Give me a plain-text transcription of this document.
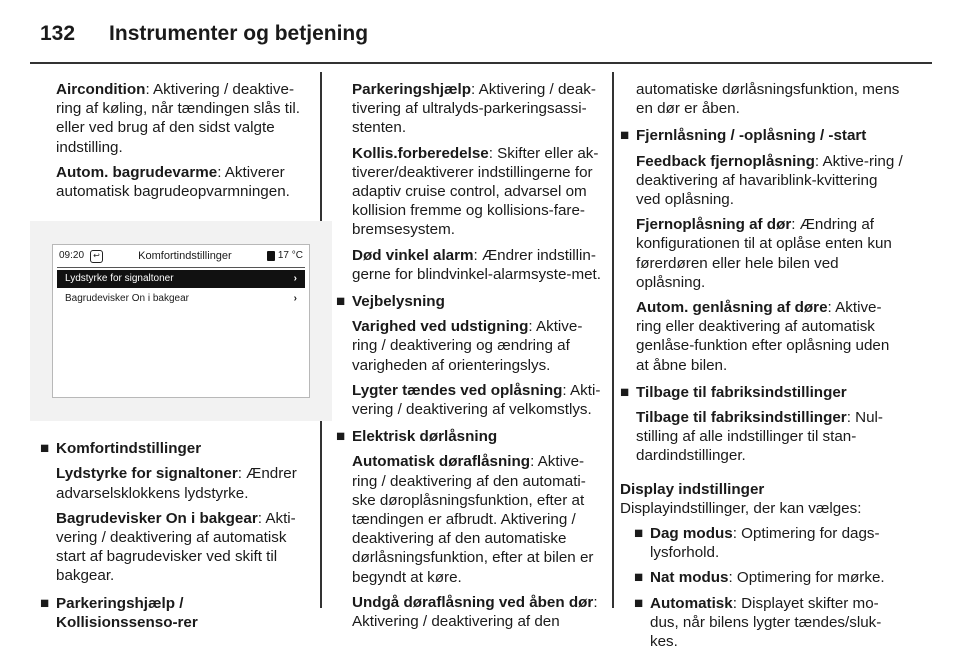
132 Instrumenter og betjening

Aircondition: Aktivering / deaktive-ring af køling, når tændingen slås til. eller ved brug af den sidst valgte indstilling.

Autom. bagrudevarme: Aktiverer automatisk bagrudeopvarmningen.

09:20	↩	Komfortindstillinger	17 °C
Lydstyrke for signaltoner	›
Bagrudevisker On i bakgear	›
■ Komfortindstillinger

Lydstyrke for signaltoner: Ændrer advarselsklokkens lydstyrke.

Bagrudevisker On i bakgear: Akti-vering / deaktivering af automatisk start af bagrudevisker ved skift til bakgear.

■ Parkeringshjælp / Kollisionssenso-rer

Parkeringshjælp: Aktivering / deak-tivering af ultralyds-parkeringsassi-stenten.

Kollis.forberedelse: Skifter eller ak-tiverer/deaktiverer indstillingerne for adaptiv cruise control, advarsel om kollision fremme og kollisions-fare-bremsesystem.

Død vinkel alarm: Ændrer indstillin-gerne for blindvinkel-alarmsyste-met.

■ Vejbelysning

Varighed ved udstigning: Aktive-ring / deaktivering og ændring af varigheden af orienteringslys.

Lygter tændes ved oplåsning: Akti-vering / deaktivering af velkomstlys.

■ Elektrisk dørlåsning

Automatisk døraflåsning: Aktive-ring / deaktivering af den automati-ske døroplåsningsfunktion, efter at tændingen er afbrudt. Aktivering / deaktivering af den automatiske dørlåsningsfunktion, efter at bilen er begyndt at køre.

Undgå døraflåsning ved åben dør: Aktivering / deaktivering af den

automatiske dørlåsningsfunktion, mens en dør er åben.

■ Fjernlåsning / -oplåsning / -start

Feedback fjernoplåsning: Aktive-ring / deaktivering af havariblink-kvittering ved oplåsning.

Fjernoplåsning af dør: Ændring af konfigurationen til at oplåse enten kun førerdøren eller hele bilen ved oplåsning.

Autom. genlåsning af døre: Aktive-ring eller deaktivering af automatisk genlåse-funktion efter oplåsning uden at åbne bilen.

■ Tilbage til fabriksindstillinger

Tilbage til fabriksindstillinger: Nul-stilling af alle indstillinger til stan-dardindstillinger.

Display indstillinger

Displayindstillinger, der kan vælges:

■ Dag modus: Optimering for dags-lysforhold.
■ Nat modus: Optimering for mørke.
■ Automatisk: Displayet skifter mo-dus, når bilens lygter tændes/sluk-kes.
